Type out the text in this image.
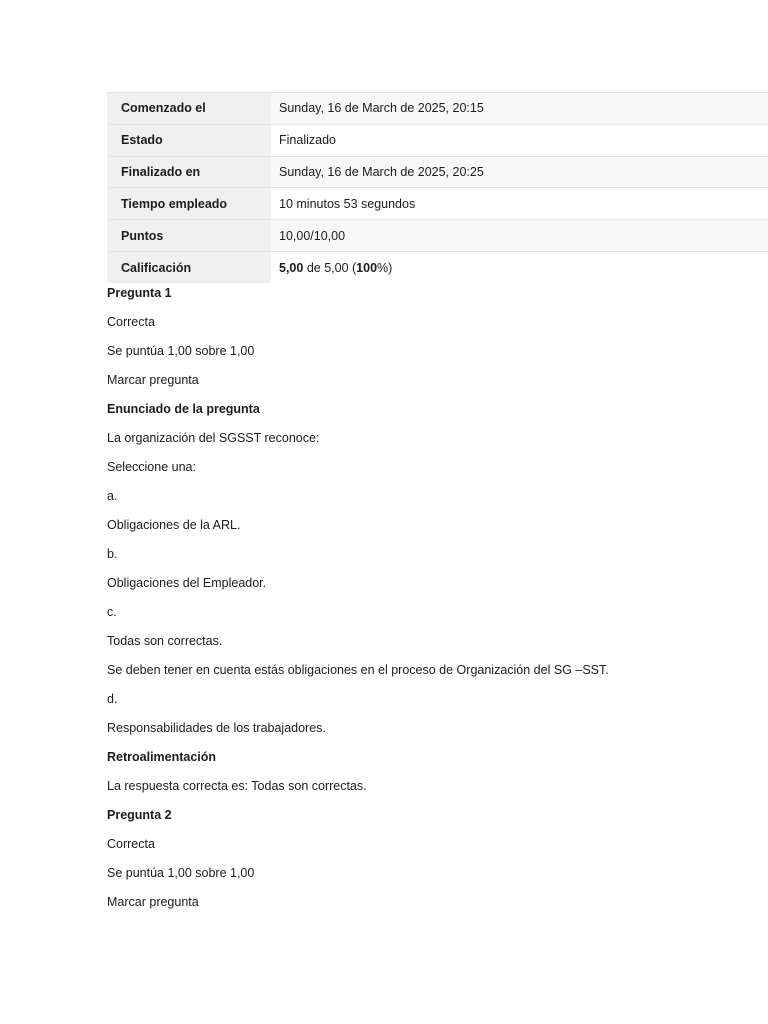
Comenzado el	Sunday, 16 de March de 2025, 20:15
Estado	Finalizado
Finalizado en	Sunday, 16 de March de 2025, 20:25
Tiempo empleado	10 minutos 53 segundos
Puntos	10,00/10,00
Calificación	5,00 de 5,00 (100%)
Pregunta 1
Correcta
Se puntúa 1,00 sobre 1,00
Marcar pregunta
Enunciado de la pregunta
La organización del SGSST reconoce:
Seleccione una:
a.
Obligaciones de la ARL.
b.
Obligaciones del Empleador.
c.
Todas son correctas.
Se deben tener en cuenta estás obligaciones en el proceso de Organización del SG –SST.
d.
Responsabilidades de los trabajadores.
Retroalimentación
La respuesta correcta es: Todas son correctas.
Pregunta 2
Correcta
Se puntúa 1,00 sobre 1,00
Marcar pregunta
